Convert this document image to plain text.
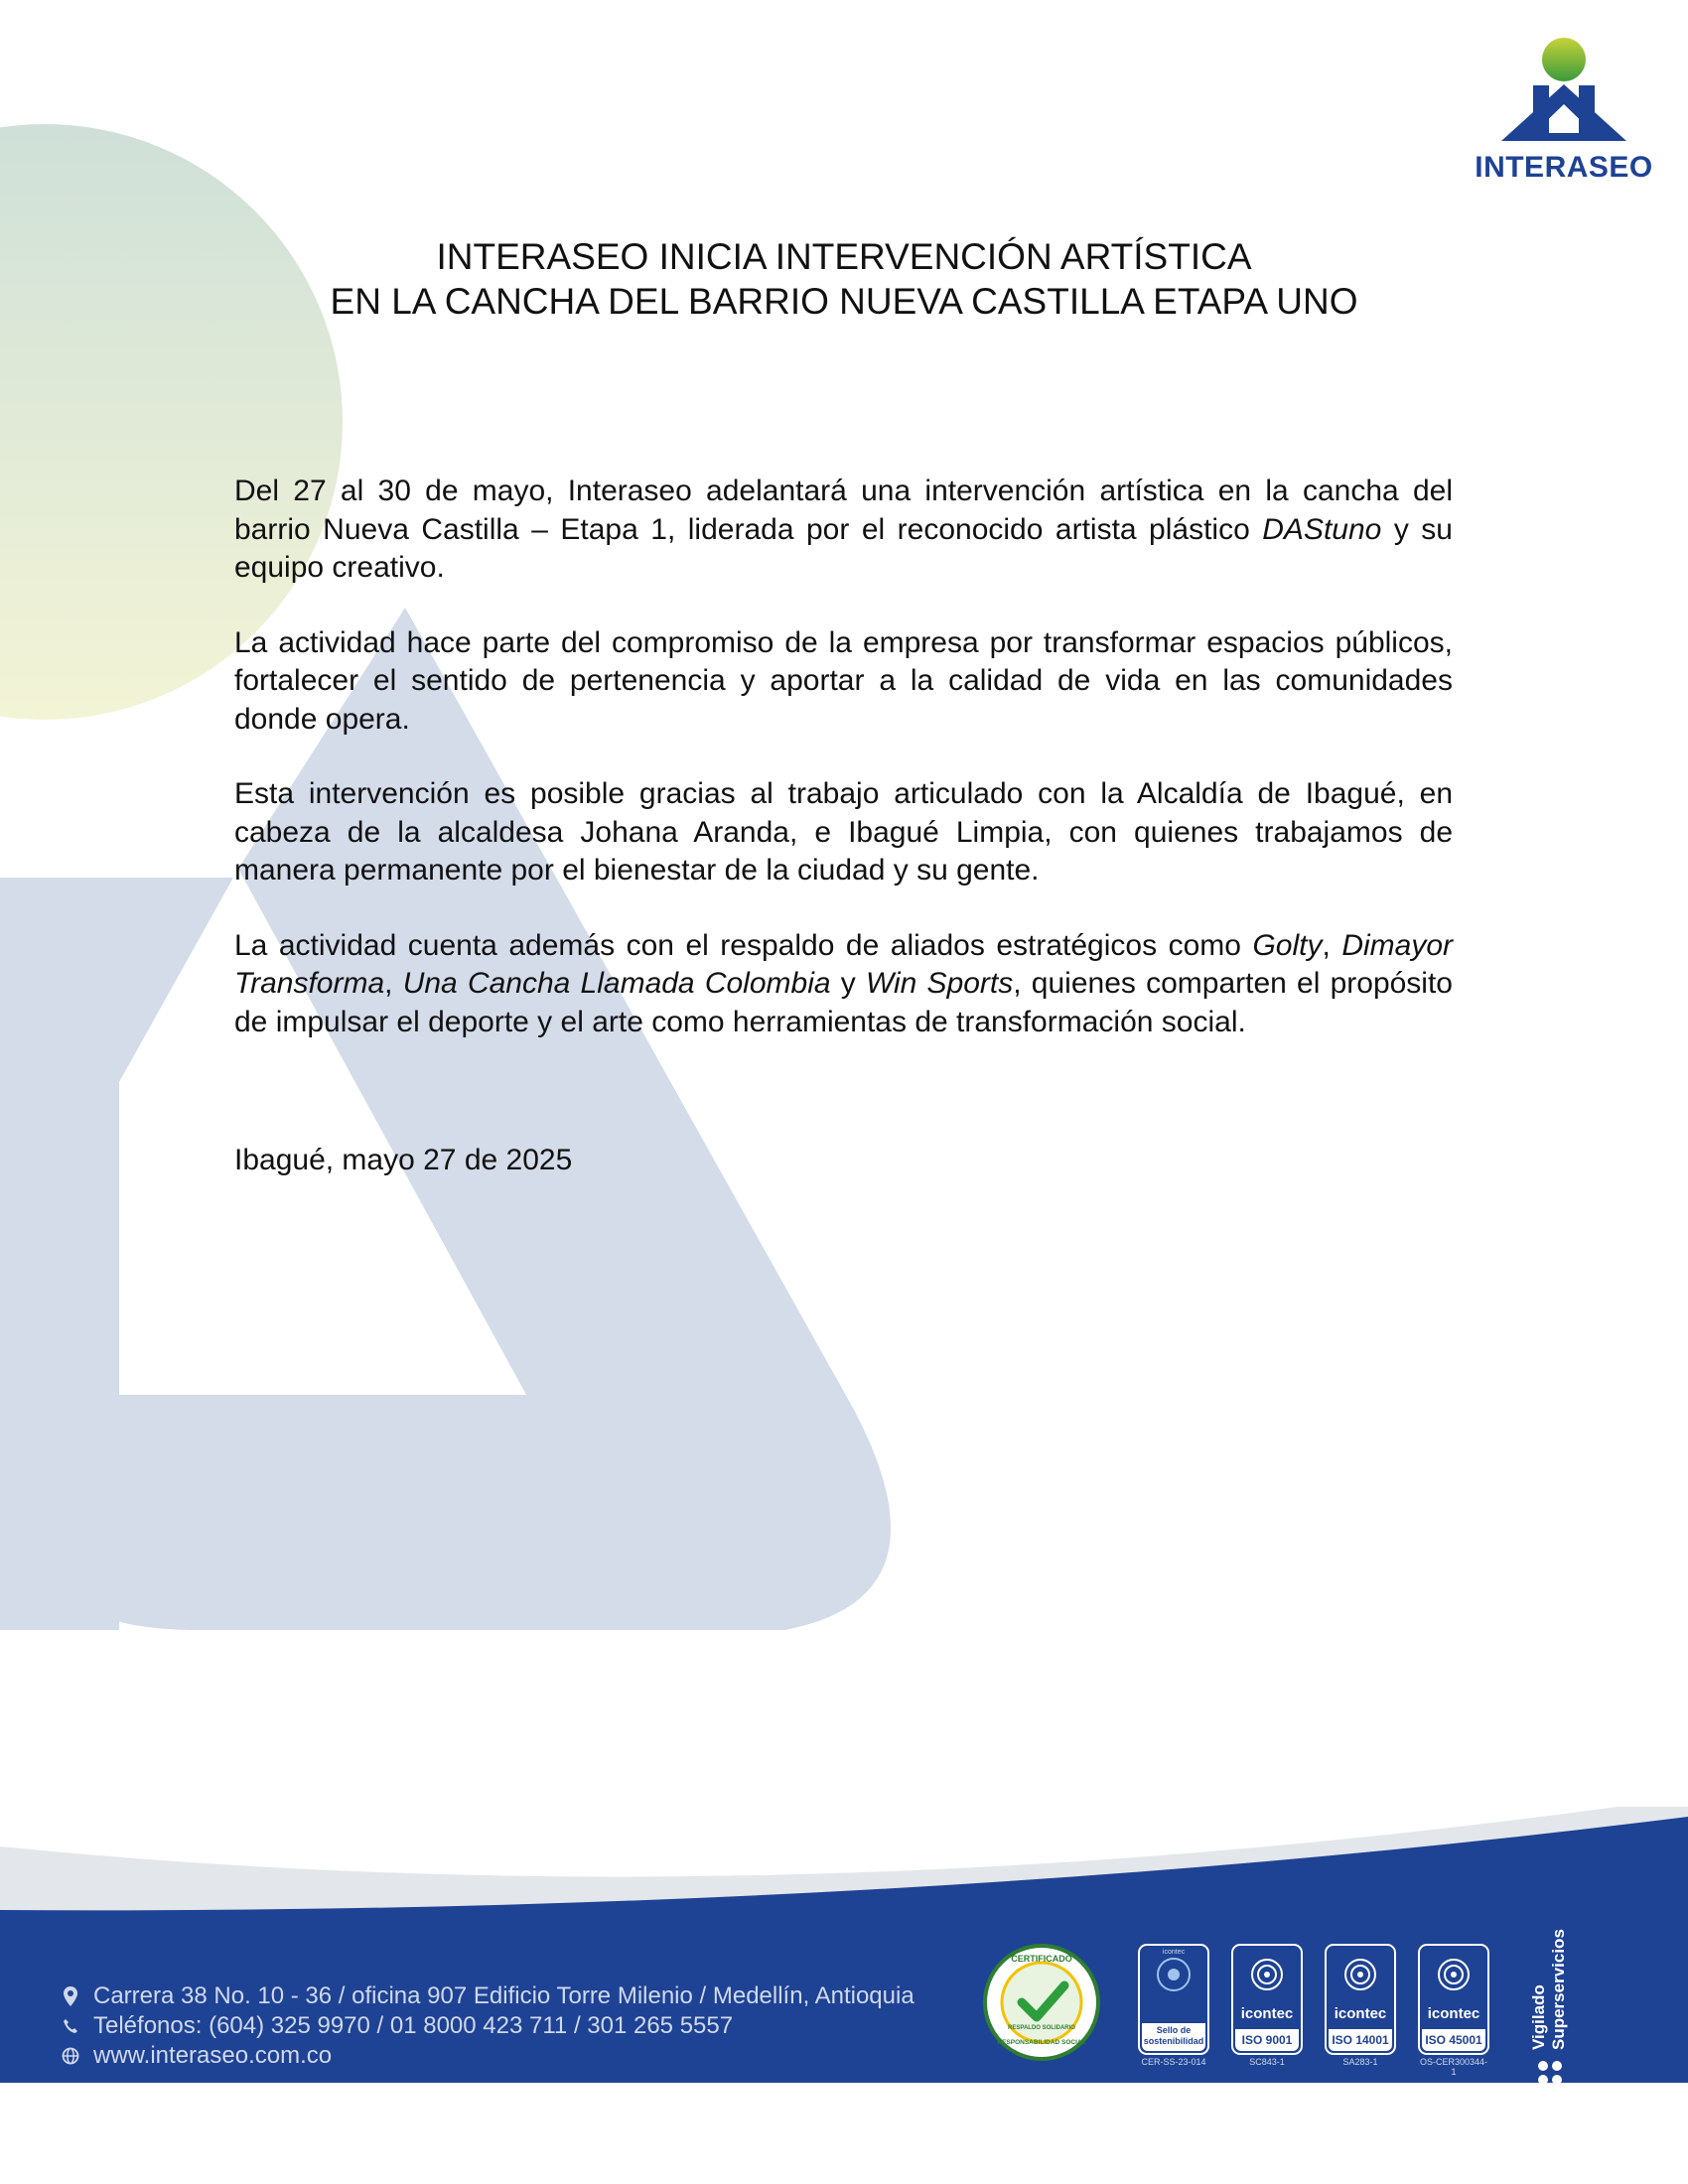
INTERASEO
INTERASEO INICIA INTERVENCIÓN ARTÍSTICA
EN LA CANCHA DEL BARRIO NUEVA CASTILLA ETAPA UNO

Del 27 al 30 de mayo, Interaseo adelantará una intervención artística en la cancha del barrio Nueva Castilla – Etapa 1, liderada por el reconocido artista plástico DAStuno y su equipo creativo.

La actividad hace parte del compromiso de la empresa por transformar espacios públicos, fortalecer el sentido de pertenencia y aportar a la calidad de vida en las comunidades donde opera.

Esta intervención es posible gracias al trabajo articulado con la Alcaldía de Ibagué, en cabeza de la alcaldesa Johana Aranda, e Ibagué Limpia, con quienes trabajamos de manera permanente por el bienestar de la ciudad y su gente.

La actividad cuenta además con el respaldo de aliados estratégicos como Golty, Dimayor Transforma, Una Cancha Llamada Colombia y Win Sports, quienes comparten el propósito de impulsar el deporte y el arte como herramientas de transformación social.

Ibagué, mayo 27 de 2025

Carrera 38 No. 10 - 36 / oficina 907 Edificio Torre Milenio / Medellín, Antioquia
Teléfonos: (604) 325 9970 / 01 8000 423 711 / 301 265 5557
www.interaseo.com.co
CERTIFICADO
RESPALDO SOLIDARIO
RESPONSABILIDAD SOCIAL
icontec
Sello de sostenibilidad
CER-SS-23-014
icontec
ISO 9001
SC843-1
icontec
ISO 14001
SA283-1
icontec
ISO 45001
OS-CER300344-1
Vigilado Superservicios
